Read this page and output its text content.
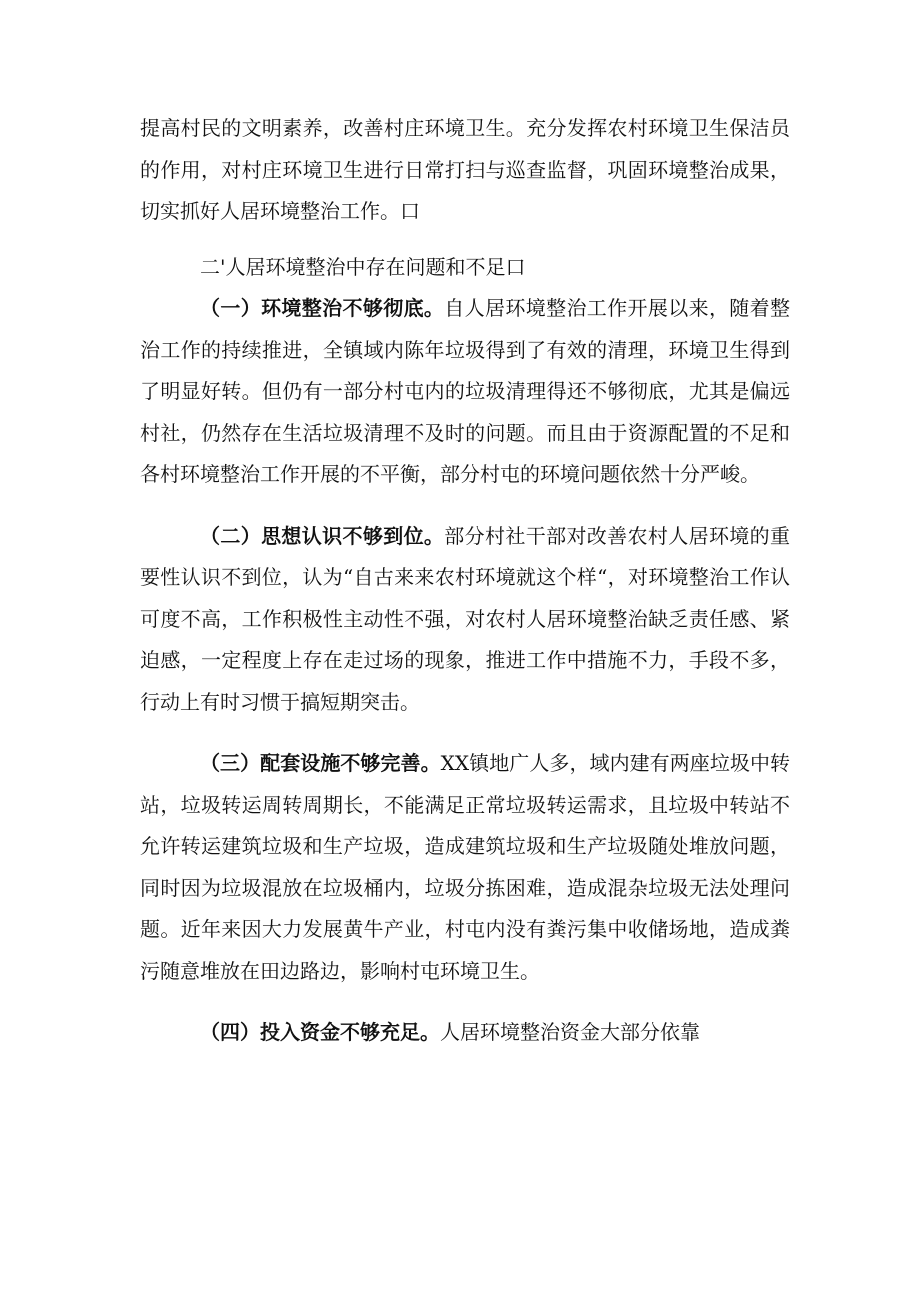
提高村民的文明素养，改善村庄环境卫生。充分发挥农村环境卫生保洁员的作用，对村庄环境卫生进行日常打扫与巡查监督，巩固环境整治成果，切实抓好人居环境整治工作。口

二'人居环境整治中存在问题和不足口

（一）环境整治不够彻底。自人居环境整治工作开展以来，随着整治工作的持续推进，全镇域内陈年垃圾得到了有效的清理，环境卫生得到了明显好转。但仍有一部分村屯内的垃圾清理得还不够彻底，尤其是偏远村社，仍然存在生活垃圾清理不及时的问题。而且由于资源配置的不足和各村环境整治工作开展的不平衡，部分村屯的环境问题依然十分严峻。

（二）思想认识不够到位。部分村社干部对改善农村人居环境的重要性认识不到位，认为“自古来来农村环境就这个样“，对环境整治工作认可度不高，工作积极性主动性不强，对农村人居环境整治缺乏责任感、紧迫感，一定程度上存在走过场的现象，推进工作中措施不力，手段不多，行动上有时习惯于搞短期突击。

（三）配套设施不够完善。XX镇地广人多，域内建有两座垃圾中转站，垃圾转运周转周期长，不能满足正常垃圾转运需求，且垃圾中转站不允许转运建筑垃圾和生产垃圾，造成建筑垃圾和生产垃圾随处堆放问题，同时因为垃圾混放在垃圾桶内，垃圾分拣困难，造成混杂垃圾无法处理问题。近年来因大力发展黄牛产业，村屯内没有粪污集中收储场地，造成粪污随意堆放在田边路边，影响村屯环境卫生。

（四）投入资金不够充足。人居环境整治资金大部分依靠
